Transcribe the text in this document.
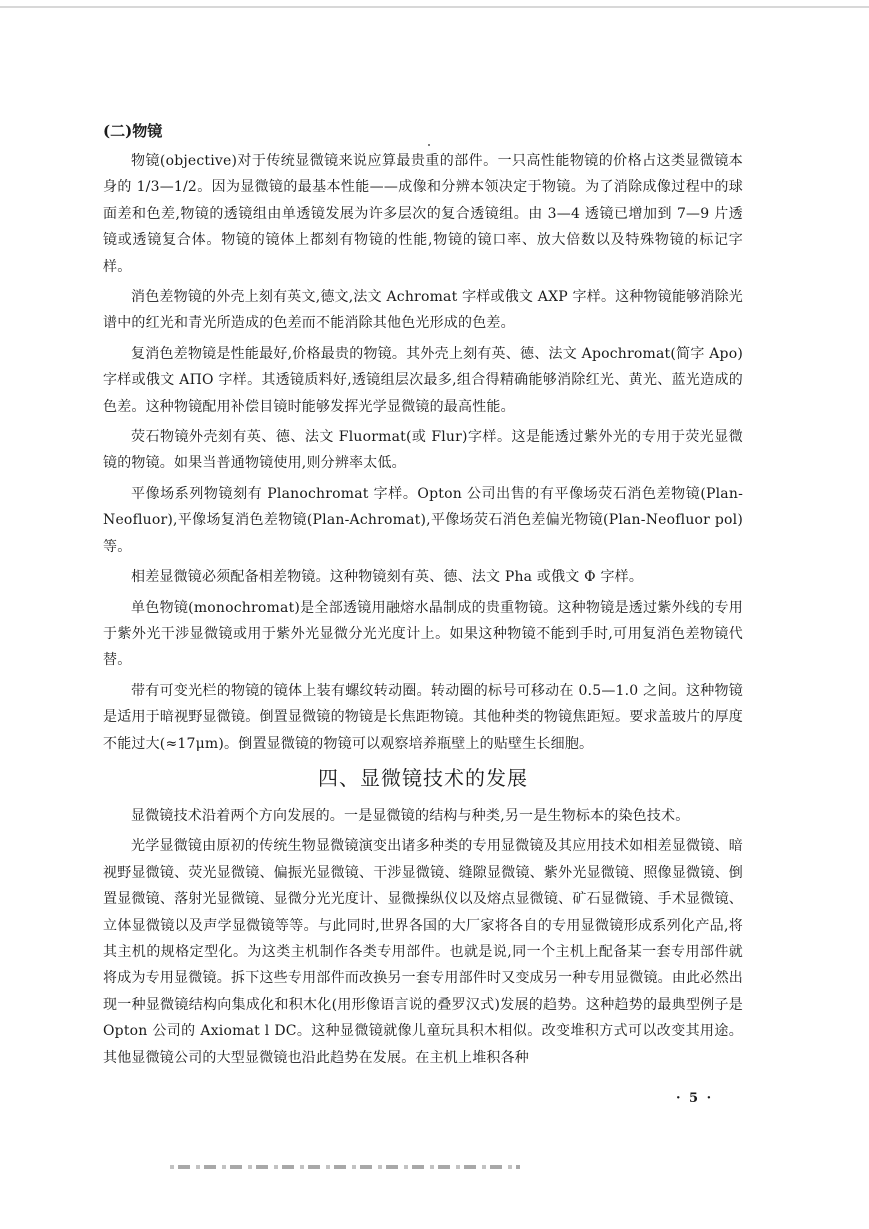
(二)物镜

物镜(objective)对于传统显微镜来说应算最贵重的部件。一只高性能物镜的价格占这类显微镜本身的 1/3—1/2。因为显微镜的最基本性能——成像和分辨本领决定于物镜。为了消除成像过程中的球面差和色差,物镜的透镜组由单透镜发展为许多层次的复合透镜组。由 3—4 透镜已增加到 7—9 片透镜或透镜复合体。物镜的镜体上都刻有物镜的性能,物镜的镜口率、放大倍数以及特殊物镜的标记字样。

消色差物镜的外壳上刻有英文,德文,法文 Achromat 字样或俄文 AXP 字样。这种物镜能够消除光谱中的红光和青光所造成的色差而不能消除其他色光形成的色差。

复消色差物镜是性能最好,价格最贵的物镜。其外壳上刻有英、德、法文 Apochromat(简字 Apo)字样或俄文 AПO 字样。其透镜质料好,透镜组层次最多,组合得精确能够消除红光、黄光、蓝光造成的色差。这种物镜配用补偿目镜时能够发挥光学显微镜的最高性能。

荧石物镜外壳刻有英、德、法文 Fluormat(或 Flur)字样。这是能透过紫外光的专用于荧光显微镜的物镜。如果当普通物镜使用,则分辨率太低。

平像场系列物镜刻有 Planochromat 字样。Opton 公司出售的有平像场荧石消色差物镜(Plan-Neofluor),平像场复消色差物镜(Plan-Achromat),平像场荧石消色差偏光物镜(Plan-Neofluor pol)等。

相差显微镜必须配备相差物镜。这种物镜刻有英、德、法文 Pha 或俄文 Φ 字样。

单色物镜(monochromat)是全部透镜用融熔水晶制成的贵重物镜。这种物镜是透过紫外线的专用于紫外光干涉显微镜或用于紫外光显微分光光度计上。如果这种物镜不能到手时,可用复消色差物镜代替。

带有可变光栏的物镜的镜体上装有螺纹转动圈。转动圈的标号可移动在 0.5—1.0 之间。这种物镜是适用于暗视野显微镜。倒置显微镜的物镜是长焦距物镜。其他种类的物镜焦距短。要求盖玻片的厚度不能过大(≈17μm)。倒置显微镜的物镜可以观察培养瓶壁上的贴壁生长细胞。

四、显微镜技术的发展

显微镜技术沿着两个方向发展的。一是显微镜的结构与种类,另一是生物标本的染色技术。

光学显微镜由原初的传统生物显微镜演变出诸多种类的专用显微镜及其应用技术如相差显微镜、暗视野显微镜、荧光显微镜、偏振光显微镜、干涉显微镜、缝隙显微镜、紫外光显微镜、照像显微镜、倒置显微镜、落射光显微镜、显微分光光度计、显微操纵仪以及熔点显微镜、矿石显微镜、手术显微镜、立体显微镜以及声学显微镜等等。与此同时,世界各国的大厂家将各自的专用显微镜形成系列化产品,将其主机的规格定型化。为这类主机制作各类专用部件。也就是说,同一个主机上配备某一套专用部件就将成为专用显微镜。拆下这些专用部件而改换另一套专用部件时又变成另一种专用显微镜。由此必然出现一种显微镜结构向集成化和积木化(用形像语言说的叠罗汉式)发展的趋势。这种趋势的最典型例子是 Opton 公司的 Axiomat l DC。这种显微镜就像儿童玩具积木相似。改变堆积方式可以改变其用途。其他显微镜公司的大型显微镜也沿此趋势在发展。在主机上堆积各种

· 5 ·
